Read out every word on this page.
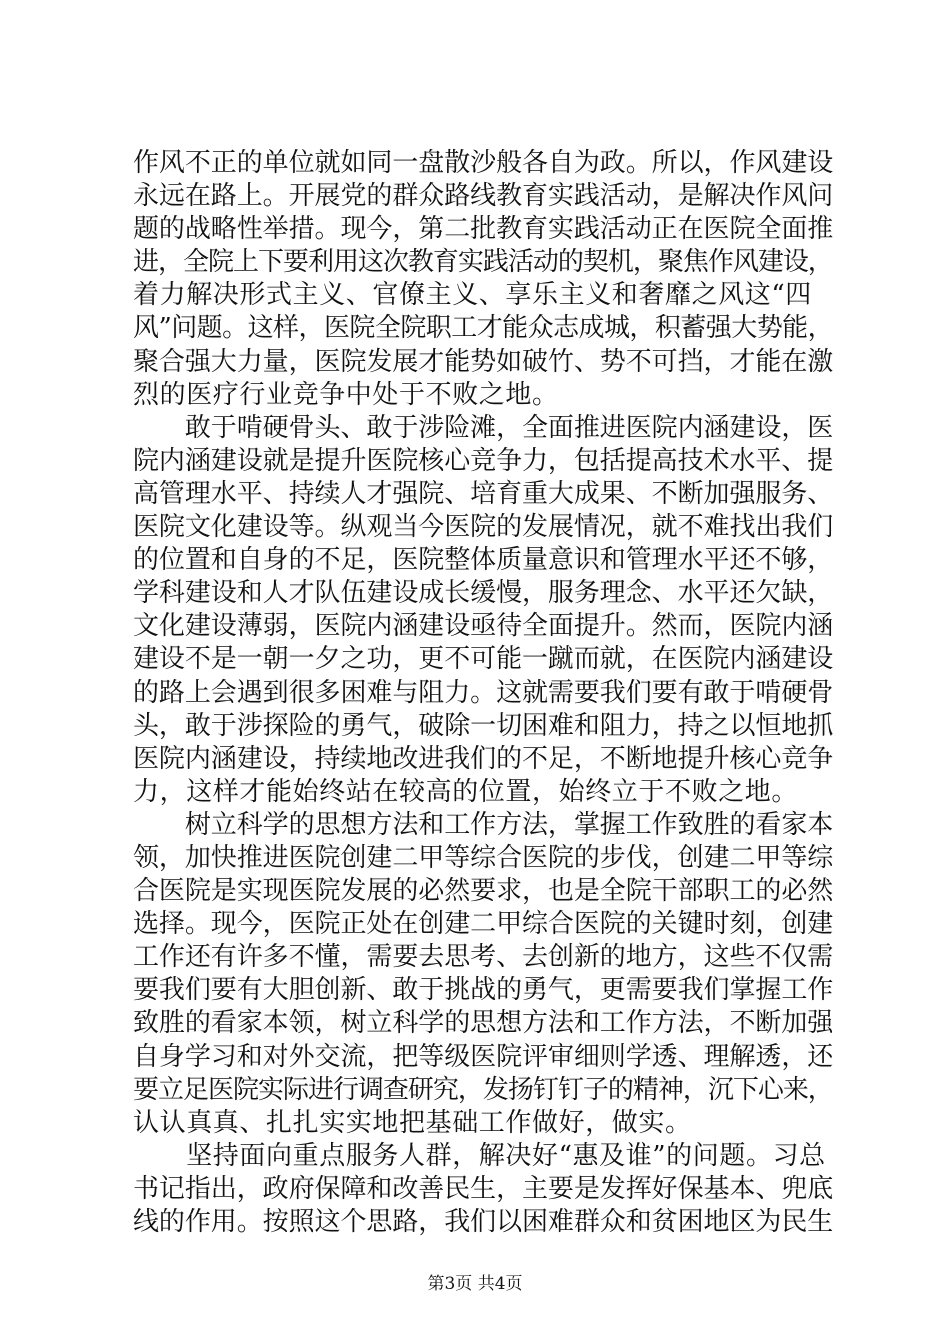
作风不正的单位就如同一盘散沙般各自为政。所以，作风建设
永远在路上。开展党的群众路线教育实践活动，是解决作风问
题的战略性举措。现今，第二批教育实践活动正在医院全面推
进，全院上下要利用这次教育实践活动的契机，聚焦作风建设，
着力解决形式主义、官僚主义、享乐主义和奢靡之风这“四
风”问题。这样，医院全院职工才能众志成城，积蓄强大势能，
聚合强大力量，医院发展才能势如破竹、势不可挡，才能在激
烈的医疗行业竞争中处于不败之地。
　　敢于啃硬骨头、敢于涉险滩，全面推进医院内涵建设，医
院内涵建设就是提升医院核心竞争力，包括提高技术水平、提
高管理水平、持续人才强院、培育重大成果、不断加强服务、
医院文化建设等。纵观当今医院的发展情况，就不难找出我们
的位置和自身的不足，医院整体质量意识和管理水平还不够，
学科建设和人才队伍建设成长缓慢，服务理念、水平还欠缺，
文化建设薄弱，医院内涵建设亟待全面提升。然而，医院内涵
建设不是一朝一夕之功，更不可能一蹴而就，在医院内涵建设
的路上会遇到很多困难与阻力。这就需要我们要有敢于啃硬骨
头，敢于涉探险的勇气，破除一切困难和阻力，持之以恒地抓
医院内涵建设，持续地改进我们的不足，不断地提升核心竞争
力，这样才能始终站在较高的位置，始终立于不败之地。
　　树立科学的思想方法和工作方法，掌握工作致胜的看家本
领，加快推进医院创建二甲等综合医院的步伐，创建二甲等综
合医院是实现医院发展的必然要求，也是全院干部职工的必然
选择。现今，医院正处在创建二甲综合医院的关键时刻，创建
工作还有许多不懂，需要去思考、去创新的地方，这些不仅需
要我们要有大胆创新、敢于挑战的勇气，更需要我们掌握工作
致胜的看家本领，树立科学的思想方法和工作方法，不断加强
自身学习和对外交流，把等级医院评审细则学透、理解透，还
要立足医院实际进行调查研究，发扬钉钉子的精神，沉下心来，
认认真真、扎扎实实地把基础工作做好，做实。
　　坚持面向重点服务人群，解决好“惠及谁”的问题。习总
书记指出，政府保障和改善民生，主要是发挥好保基本、兜底
线的作用。按照这个思路，我们以困难群众和贫困地区为民生
第3页 共4页
